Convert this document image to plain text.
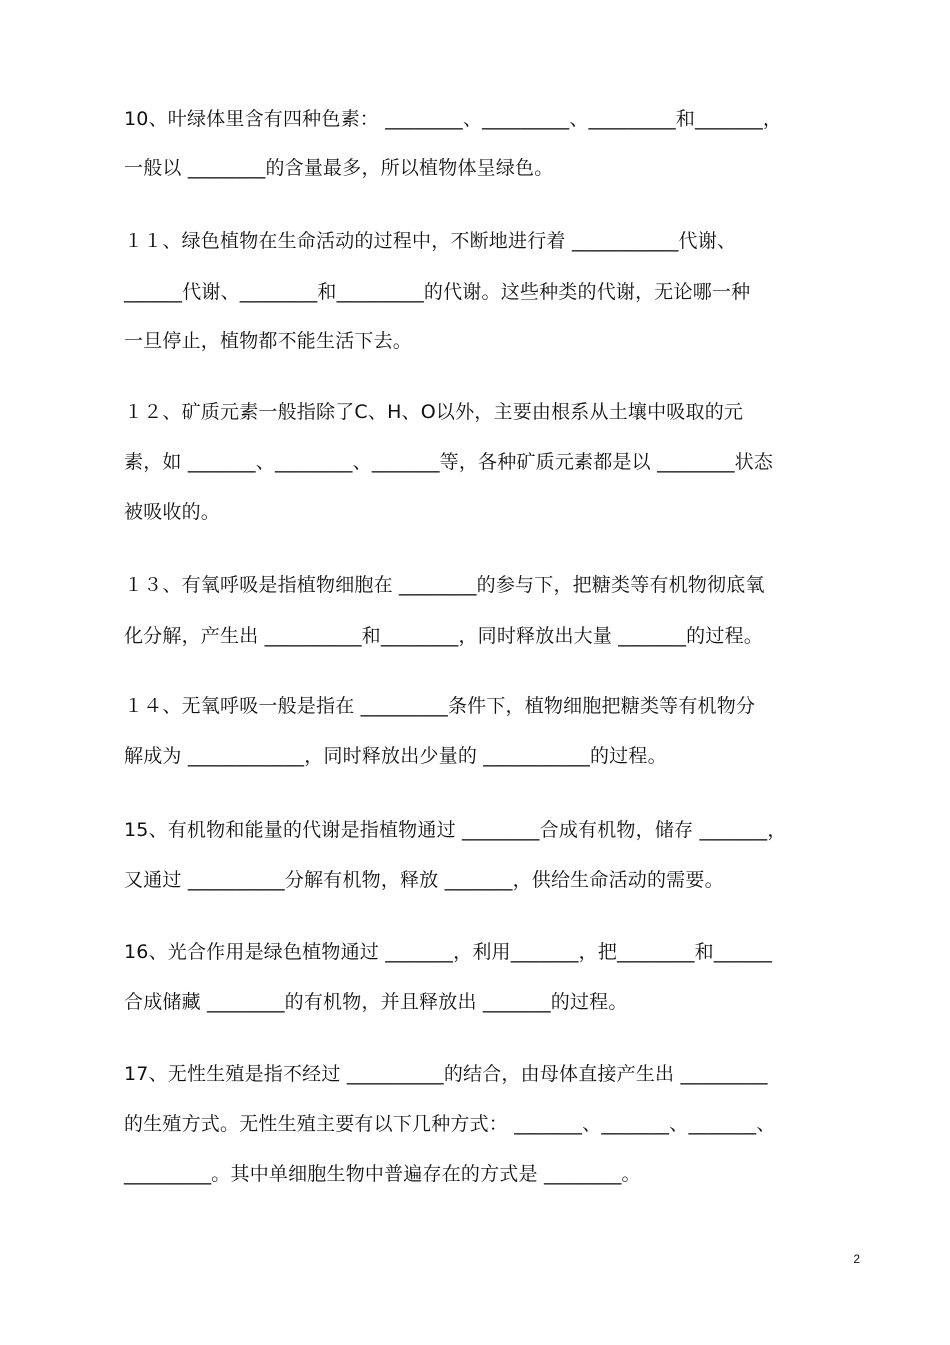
10、叶绿体里含有四种色素： ________、_________、_________和_______，
一般以 ________的含量最多，所以植物体呈绿色。
１１、绿色植物在生命活动的过程中，不断地进行着 ___________代谢、
______代谢、________和_________的代谢。这些种类的代谢，无论哪一种
一旦停止，植物都不能生活下去。
１２、矿质元素一般指除了C、H、O以外，主要由根系从土壤中吸取的元
素，如 _______、________、_______等，各种矿质元素都是以 ________状态
被吸收的。
１３、有氧呼吸是指植物细胞在 ________的参与下，把糖类等有机物彻底氧
化分解，产生出 __________和________，同时释放出大量 _______的过程。
１４、无氧呼吸一般是指在 _________条件下，植物细胞把糖类等有机物分
解成为 ____________，同时释放出少量的 ___________的过程。
15、有机物和能量的代谢是指植物通过 ________合成有机物，储存 _______，
又通过 __________分解有机物，释放 _______，供给生命活动的需要。
16、光合作用是绿色植物通过 _______，利用_______，把________和______
合成储藏 ________的有机物，并且释放出 _______的过程。
17、无性生殖是指不经过 __________的结合，由母体直接产生出 _________
的生殖方式。无性生殖主要有以下几种方式： _______、_______、_______、
_________。其中单细胞生物中普遍存在的方式是 ________。
2
